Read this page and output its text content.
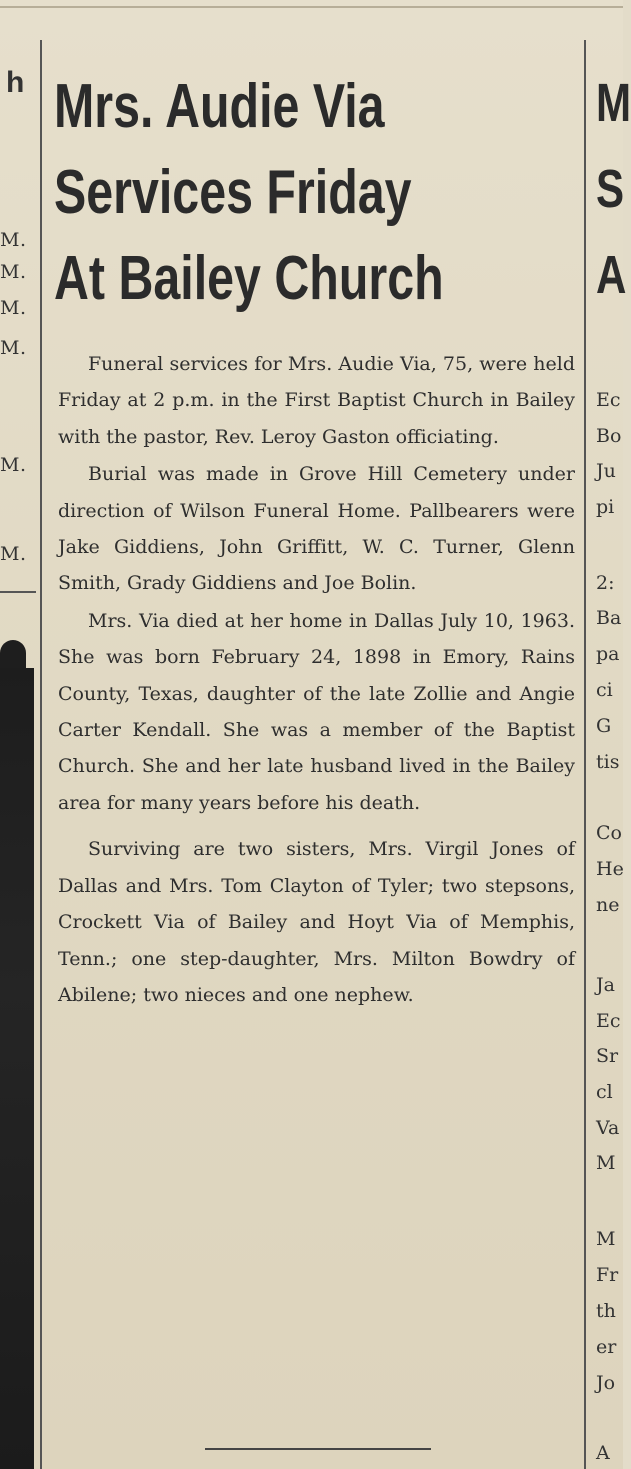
h
M.
M.
M.
M.
M.
M.
Mrs. Audie Via
Services Friday
At Bailey Church

Funeral services for Mrs. Audie Via, 75, were held Friday at 2 p.m. in the First Baptist Church in Bailey with the pastor, Rev. Leroy Gaston officiating.

Burial was made in Grove Hill Cemetery under direction of Wilson Funeral Home. Pallbearers were Jake Giddiens, John Griffitt, W. C. Turner, Glenn Smith, Grady Giddiens and Joe Bolin.

Mrs. Via died at her home in Dallas July 10, 1963. She was born February 24, 1898 in Emory, Rains County, Texas, daughter of the late Zollie and Angie Carter Kendall. She was a member of the Baptist Church. She and her late husband lived in the Bailey area for many years before his death.

Surviving are two sisters, Mrs. Virgil Jones of Dallas and Mrs. Tom Clayton of Tyler; two stepsons, Crockett Via of Bailey and Hoyt Via of Memphis, Tenn.; one step-daughter, Mrs. Milton Bowdry of Abilene; two nieces and one nephew.

M
S
A
Ec
Bo
Ju
pi
2:
Ba
pa
ci
G
tis
Co
He
ne
Ja
Ec
Sr
cl
Va
M
M
Fr
th
er
Jo
A
